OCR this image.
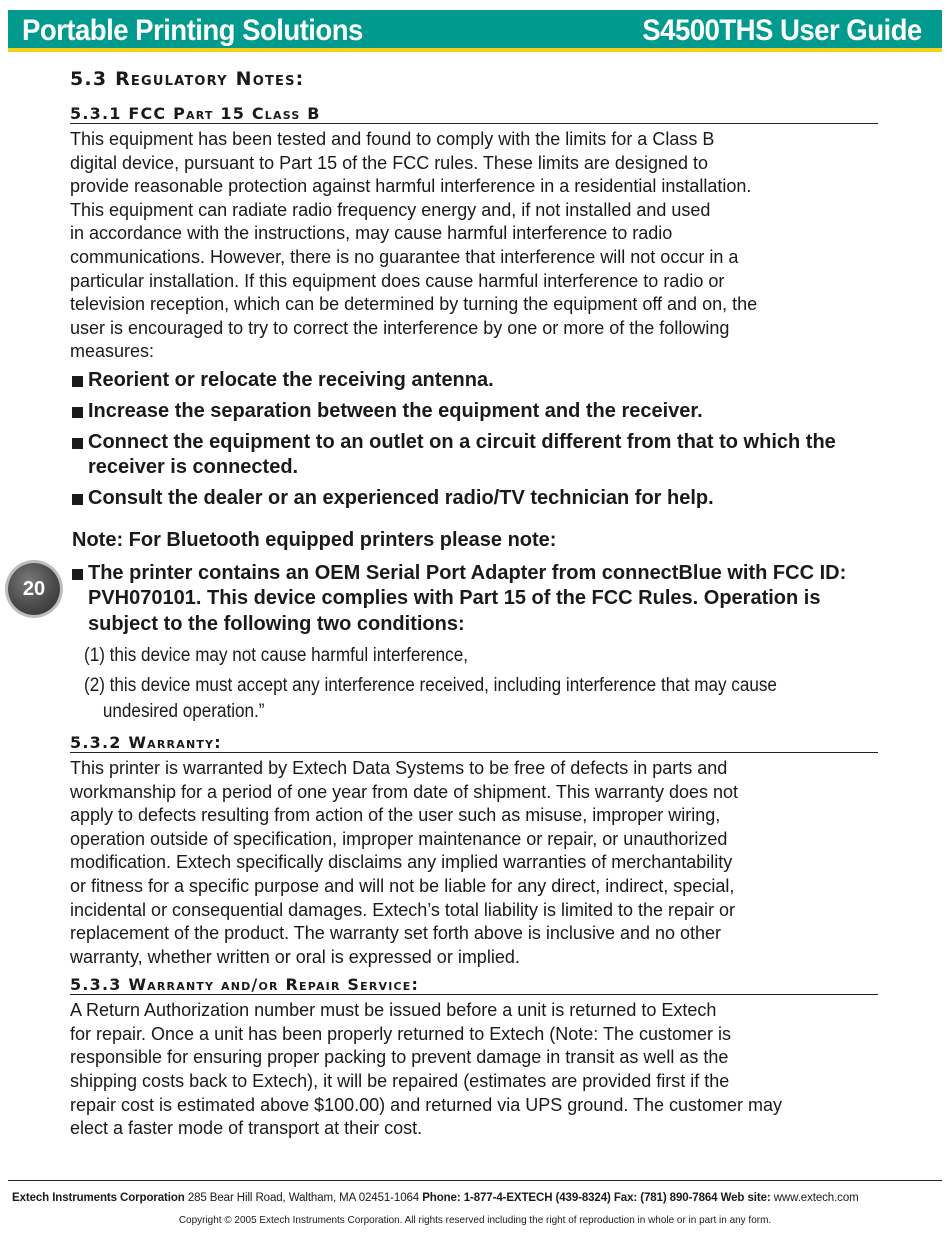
Portable Printing Solutions	S4500THS User Guide
20
5.3 Regulatory Notes:
5.3.1 FCC Part 15 Class B
This equipment has been tested and found to comply with the limits for a Class B
digital device, pursuant to Part 15 of the FCC rules. These limits are designed to
provide reasonable protection against harmful interference in a residential installation.
This equipment can radiate radio frequency energy and, if not installed and used
in accordance with the instructions, may cause harmful interference to radio
communications. However, there is no guarantee that interference will not occur in a
particular installation. If this equipment does cause harmful interference to radio or
television reception, which can be determined by turning the equipment off and on, the
user is encouraged to try to correct the interference by one or more of the following
measures:
Reorient or relocate the receiving antenna.
Increase the separation between the equipment and the receiver.
Connect the equipment to an outlet on a circuit different from that to which the receiver is connected.
Consult the dealer or an experienced radio/TV technician for help.
Note: For Bluetooth equipped printers please note:
The printer contains an OEM Serial Port Adapter from connectBlue with FCC ID: PVH070101. This device complies with Part 15 of the FCC Rules. Operation is subject to the following two conditions:
(1) this device may not cause harmful interference,
(2) this device must accept any interference received, including interference that may cause undesired operation.”
5.3.2 Warranty:
This printer is warranted by Extech Data Systems to be free of defects in parts and
workmanship for a period of one year from date of shipment. This warranty does not
apply to defects resulting from action of the user such as misuse, improper wiring,
operation outside of specification, improper maintenance or repair, or unauthorized
modification. Extech specifically disclaims any implied warranties of merchantability
or fitness for a specific purpose and will not be liable for any direct, indirect, special,
incidental or consequential damages. Extech’s total liability is limited to the repair or
replacement of the product. The warranty set forth above is inclusive and no other
warranty, whether written or oral is expressed or implied.
5.3.3 Warranty and/or Repair Service:
A Return Authorization number must be issued before a unit is returned to Extech
for repair. Once a unit has been properly returned to Extech (Note: The customer is
responsible for ensuring proper packing to prevent damage in transit as well as the
shipping costs back to Extech), it will be repaired (estimates are provided first if the
repair cost is estimated above $100.00) and returned via UPS ground. The customer may
elect a faster mode of transport at their cost.
Extech Instruments Corporation 285 Bear Hill Road, Waltham, MA 02451-1064 Phone: 1-877-4-EXTECH (439-8324) Fax: (781) 890-7864 Web site: www.extech.com
Copyright © 2005 Extech Instruments Corporation. All rights reserved including the right of reproduction in whole or in part in any form.
